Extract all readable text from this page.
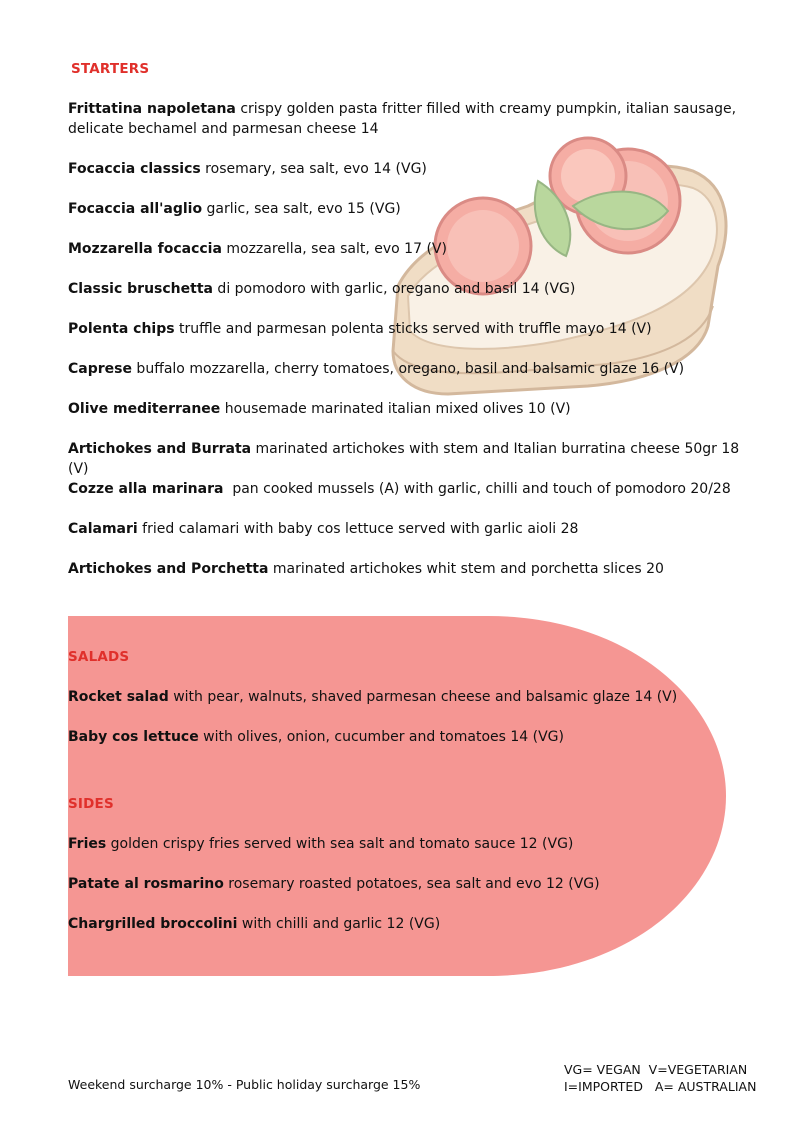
STARTERS

Frittatina napoletana crispy golden pasta fritter filled with creamy pumpkin, italian sausage, delicate bechamel and parmesan cheese 14

Focaccia classics rosemary, sea salt, evo 14 (VG)

Focaccia all'aglio garlic, sea salt, evo 15 (VG)

Mozzarella focaccia mozzarella, sea salt, evo 17 (V)

Classic bruschetta di pomodoro with garlic, oregano and basil 14 (VG)

Polenta chips truffle and parmesan polenta sticks served with truffle mayo 14 (V)

Caprese buffalo mozzarella, cherry tomatoes, oregano, basil and balsamic glaze 16 (V)

Olive mediterranee housemade marinated italian mixed olives 10 (V)

Artichokes and Burrata marinated artichokes with stem and Italian burratina cheese 50gr 18 (V)

Cozze alla marinara  pan cooked mussels (A) with garlic, chilli and touch of pomodoro 20/28

Calamari fried calamari with baby cos lettuce served with garlic aioli 28

Artichokes and Porchetta marinated artichokes whit stem and porchetta slices 20

SALADS

Rocket salad with pear, walnuts, shaved parmesan cheese and balsamic glaze 14 (V)

Baby cos lettuce with olives, onion, cucumber and tomatoes 14 (VG)

SIDES

Fries golden crispy fries served with sea salt and tomato sauce 12 (VG)

Patate al rosmarino rosemary roasted potatoes, sea salt and evo 12 (VG)

Chargrilled broccolini with chilli and garlic 12 (VG)

Weekend surcharge 10% - Public holiday surcharge 15%

VG= VEGAN  V=VEGETARIAN
I=IMPORTED   A= AUSTRALIAN
